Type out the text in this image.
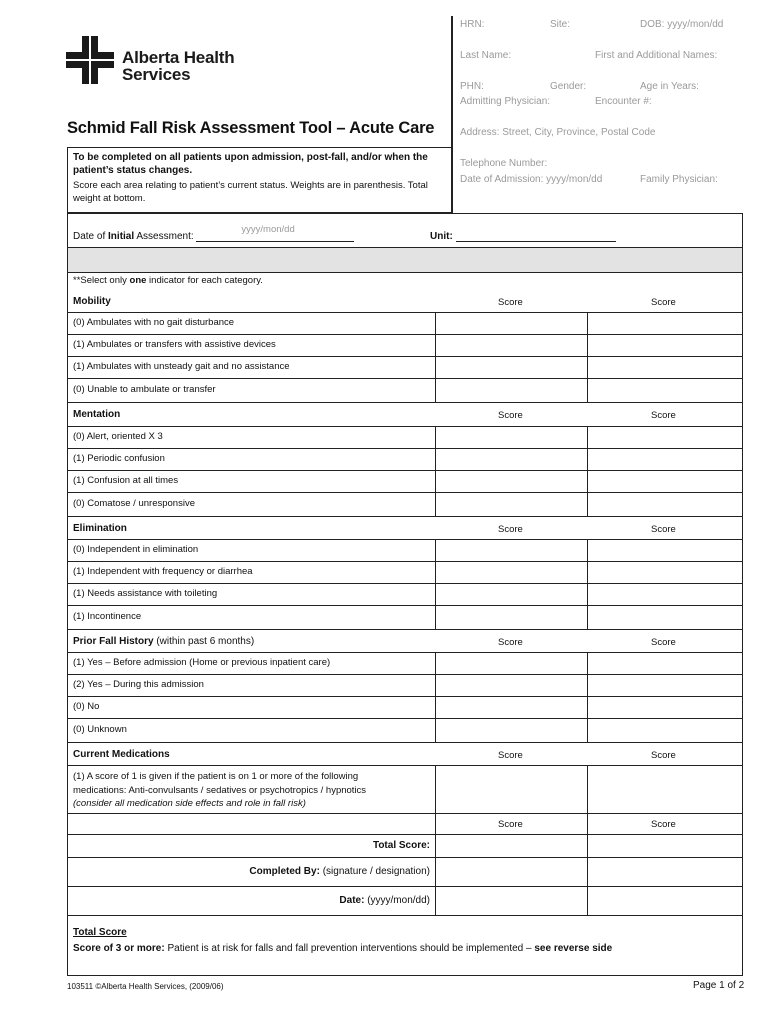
Alberta Health
Services
Schmid Fall Risk Assessment Tool – Acute Care
To be completed on all patients upon admission, post-fall, and/or when the patient’s status changes.
Score each area relating to patient’s current status. Weights are in parenthesis. Total weight at bottom.
HRN:	Site:	DOB: yyyy/mon/dd
Last Name:	First and Additional Names:
PHN:	Gender:	Age in Years:
Admitting Physician:	Encounter #:
Address: Street, City, Province, Postal Code
Telephone Number:
Date of Admission: yyyy/mon/dd	Family Physician:
Date of Initial Assessment:
yyyy/mon/dd
Unit:
**Select only one indicator for each category.
Mobility	Score	Score
(0) Ambulates with no gait disturbance
(1) Ambulates or transfers with assistive devices
(1) Ambulates with unsteady gait and no assistance
(0) Unable to ambulate or transfer
Mentation	Score	Score
(0) Alert, oriented X 3
(1) Periodic confusion
(1) Confusion at all times
(0) Comatose / unresponsive
Elimination	Score	Score
(0) Independent in elimination
(1) Independent with frequency or diarrhea
(1) Needs assistance with toileting
(1) Incontinence
Prior Fall History (within past 6 months)	Score	Score
(1) Yes – Before admission (Home or previous inpatient care)
(2) Yes – During this admission
(0) No
(0) Unknown
Current Medications	Score	Score
(1) A score of 1 is given if the patient is on 1 or more of the following
medications: Anti-convulsants / sedatives or psychotropics / hypnotics
(consider all medication side effects and role in fall risk)
Score	Score
Total Score:
Completed By: (signature / designation)
Date: (yyyy/mon/dd)
Total Score
Score of 3 or more: Patient is at risk for falls and fall prevention interventions should be implemented – see reverse side
103511 ©Alberta Health Services, (2009/06)	Page 1 of 2
